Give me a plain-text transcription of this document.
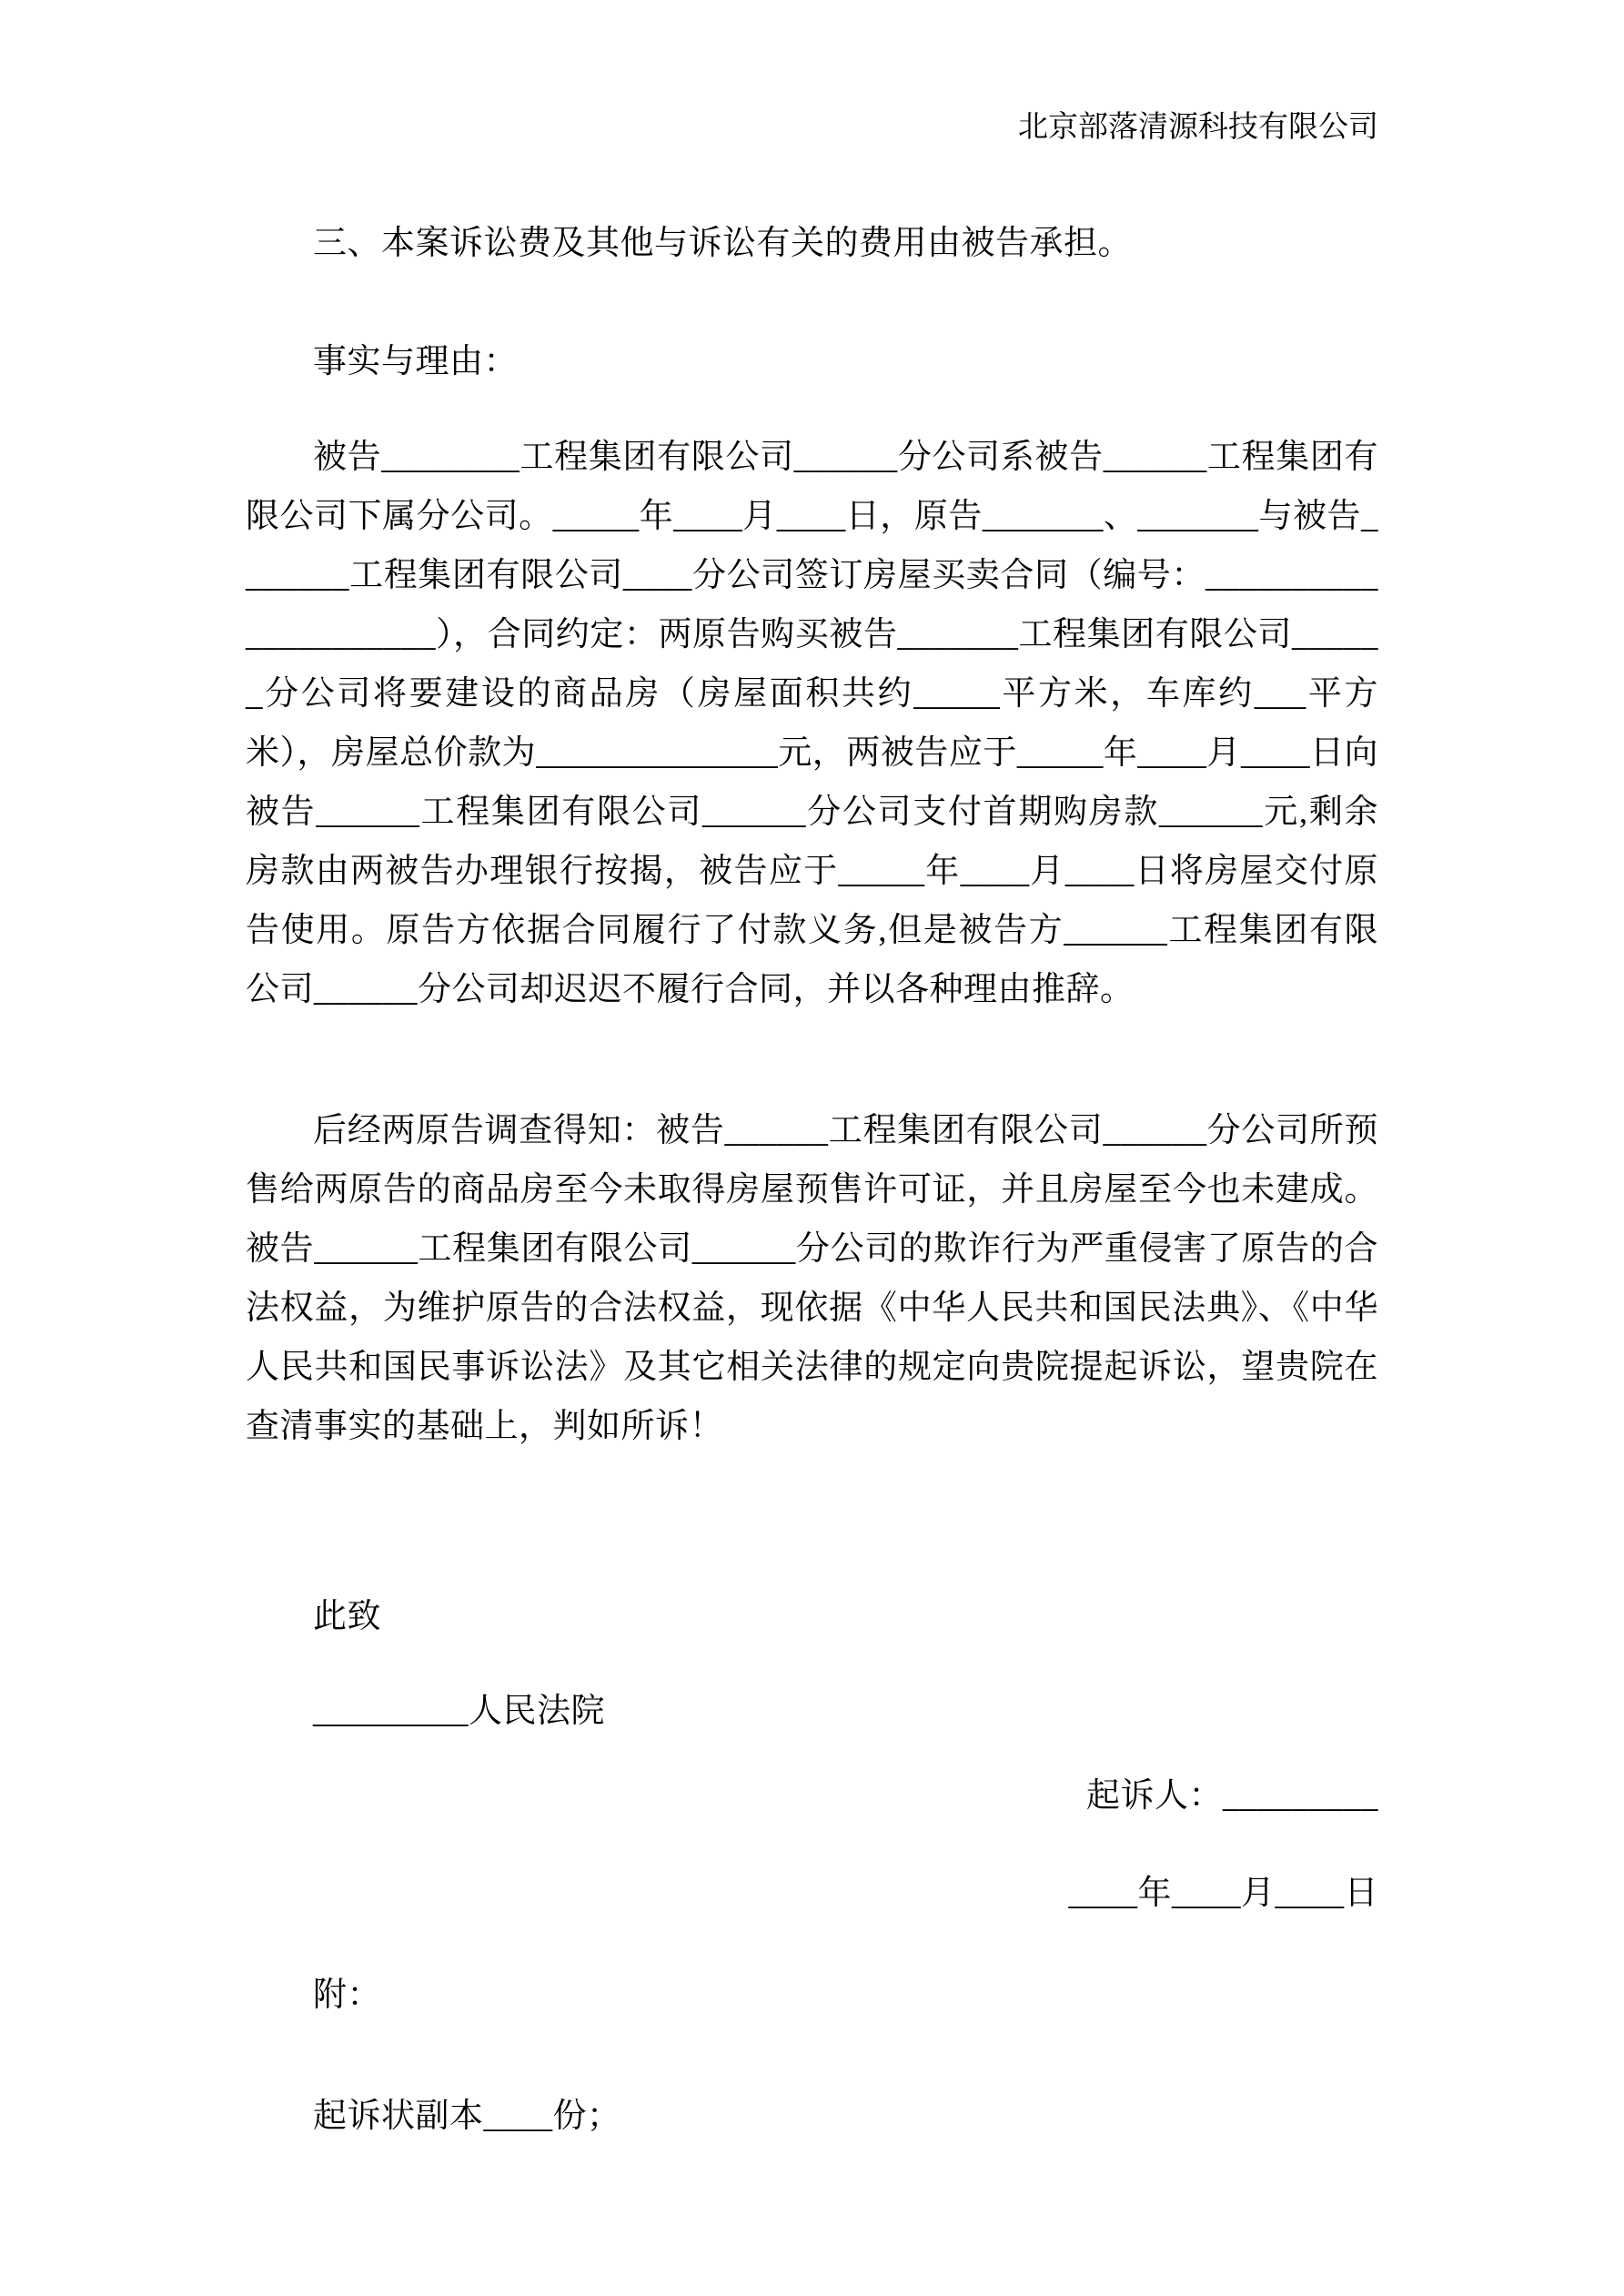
北京部落清源科技有限公司
三、本案诉讼费及其他与诉讼有关的费用由被告承担。
事实与理由：
被告________工程集团有限公司______分公司系被告______工程集团有限公司下属分公司。_____年____月____日，原告_______、_______与被告_______工程集团有限公司____分公司签订房屋买卖合同（编号：_____________________），合同约定：两原告购买被告_______工程集团有限公司______分公司将要建设的商品房（房屋面积共约_____平方米，车库约___平方米），房屋总价款为______________元，两被告应于_____年____月____日向被告______工程集团有限公司______分公司支付首期购房款______元,剩余房款由两被告办理银行按揭，被告应于_____年____月____日将房屋交付原告使用。原告方依据合同履行了付款义务,但是被告方______工程集团有限公司______分公司却迟迟不履行合同，并以各种理由推辞。
后经两原告调查得知：被告______工程集团有限公司______分公司所预售给两原告的商品房至今未取得房屋预售许可证，并且房屋至今也未建成。被告______工程集团有限公司______分公司的欺诈行为严重侵害了原告的合法权益，为维护原告的合法权益，现依据《中华人民共和国民法典》、《中华人民共和国民事诉讼法》及其它相关法律的规定向贵院提起诉讼，望贵院在查清事实的基础上，判如所诉！
此致
_________人民法院
起诉人：_________
____年____月____日
附：
起诉状副本____份；
